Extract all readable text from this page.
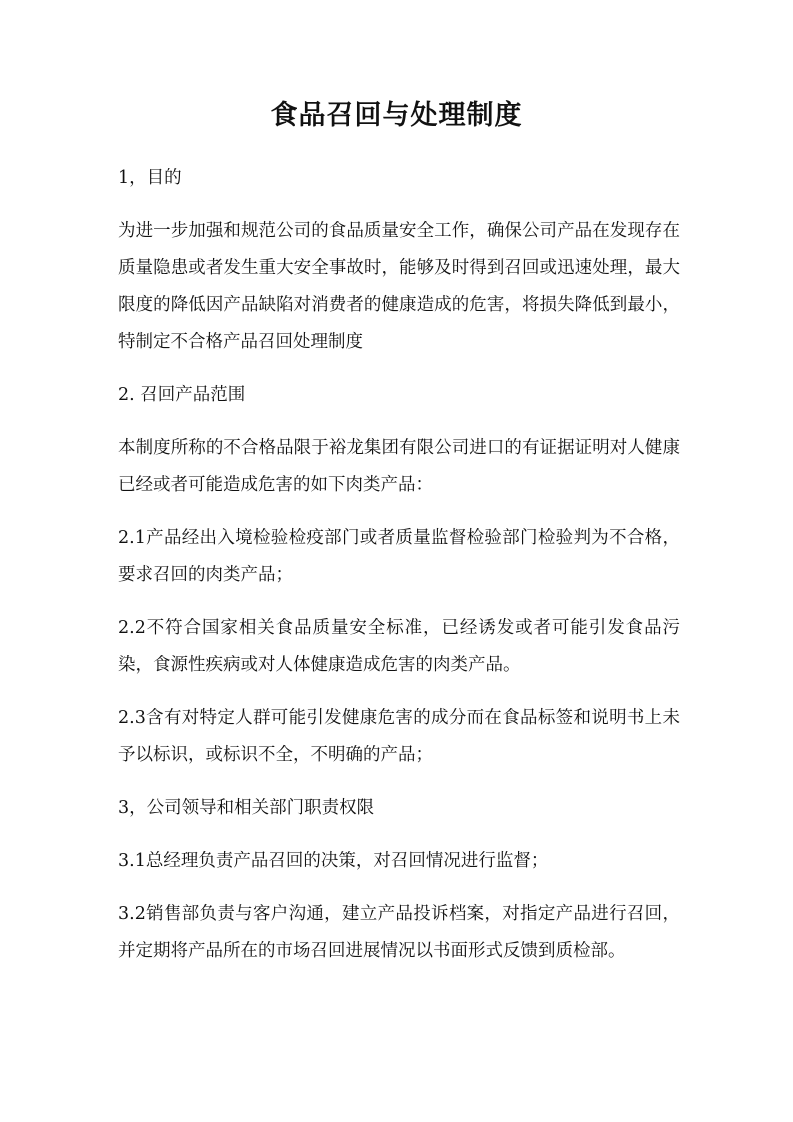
食品召回与处理制度

1，目的

为进一步加强和规范公司的食品质量安全工作，确保公司产品在发现存在质量隐患或者发生重大安全事故时，能够及时得到召回或迅速处理，最大限度的降低因产品缺陷对消费者的健康造成的危害，将损失降低到最小，特制定不合格产品召回处理制度

2. 召回产品范围

本制度所称的不合格品限于裕龙集团有限公司进口的有证据证明对人健康已经或者可能造成危害的如下肉类产品：

2.1产品经出入境检验检疫部门或者质量监督检验部门检验判为不合格，要求召回的肉类产品；

2.2不符合国家相关食品质量安全标准，已经诱发或者可能引发食品污染，食源性疾病或对人体健康造成危害的肉类产品。

2.3含有对特定人群可能引发健康危害的成分而在食品标签和说明书上未予以标识，或标识不全，不明确的产品；

3，公司领导和相关部门职责权限

3.1总经理负责产品召回的决策，对召回情况进行监督；

3.2销售部负责与客户沟通，建立产品投诉档案，对指定产品进行召回，并定期将产品所在的市场召回进展情况以书面形式反馈到质检部。
